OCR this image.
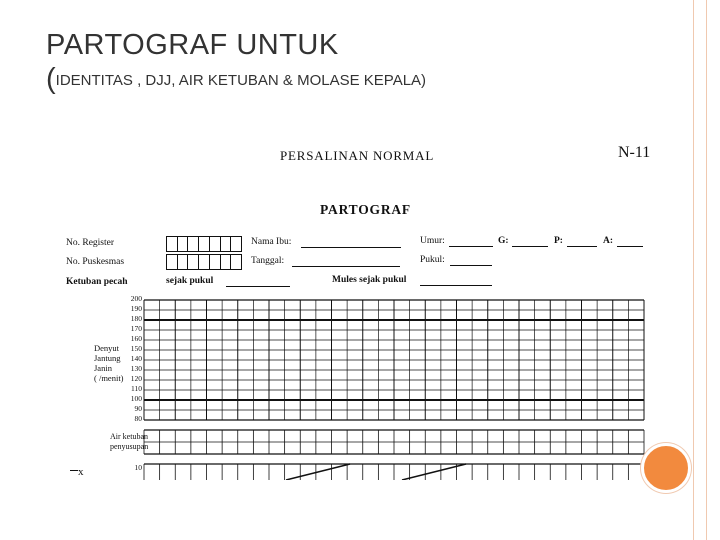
PARTOGRAF UNTUK
(IDENTITAS , DJJ, AIR KETUBAN & MOLASE KEPALA)
PERSALINAN NORMAL	N-11
PARTOGRAF
No. Register
No. Puskesmas
Ketuban pecah
Nama Ibu:
Tanggal:
sejak pukul	Mules sejak pukul
Umur:	G:	P:	A:
Pukul:
Denyut
Jantung
Janin
( /menit)
200
190
180
170
160
150
140
130
120
110
100
90
80
10
Air ketuban
penyusupan
x
